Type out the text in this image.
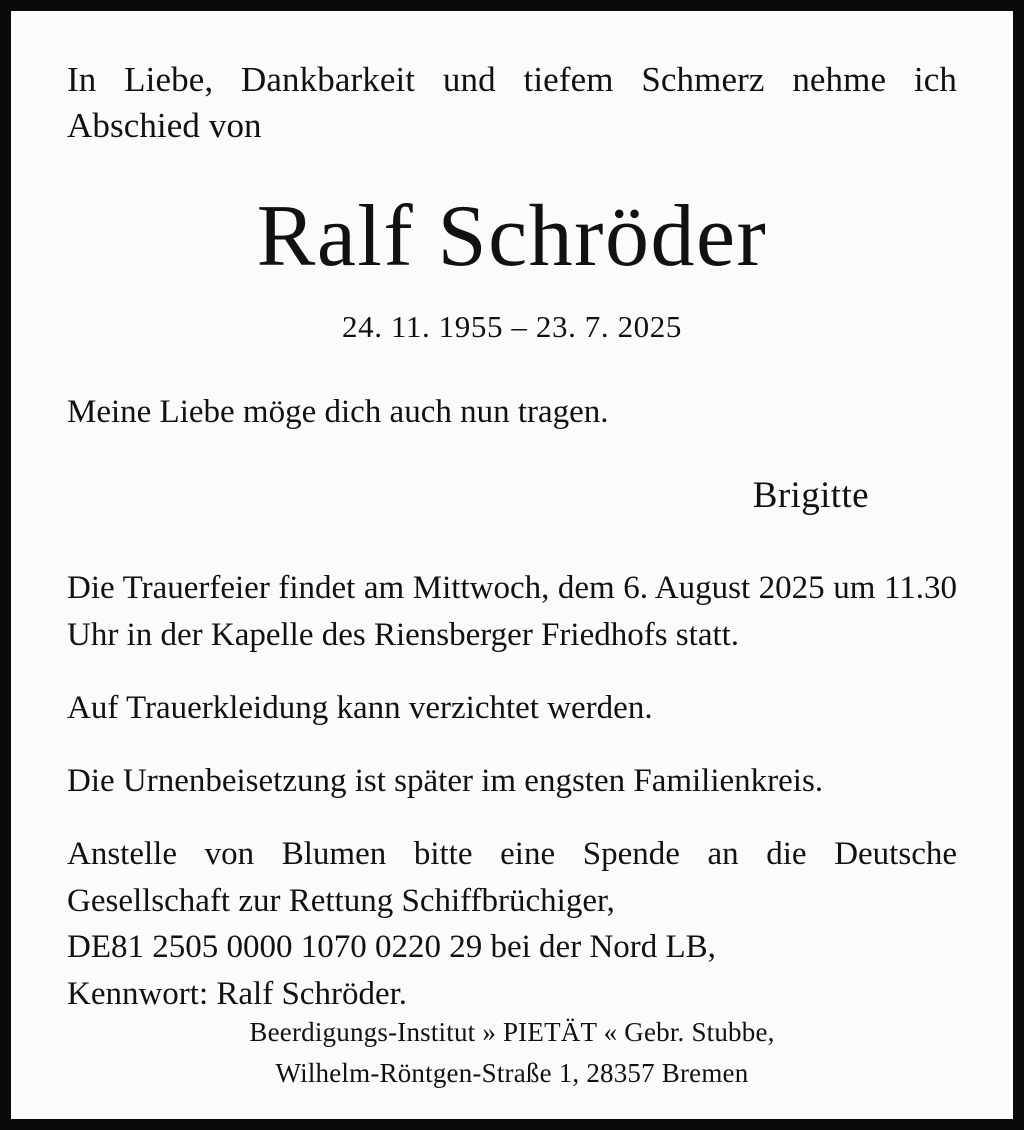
In Liebe, Dankbarkeit und tiefem Schmerz nehme ich Abschied von

Ralf Schröder

24. 11. 1955 – 23. 7. 2025

Meine Liebe möge dich auch nun tragen.

Brigitte

Die Trauerfeier findet am Mittwoch, dem 6. August 2025 um 11.30 Uhr in der Kapelle des Riensberger Friedhofs statt.

Auf Trauerkleidung kann verzichtet werden.

Die Urnenbeisetzung ist später im engsten Familienkreis.

Anstelle von Blumen bitte eine Spende an die Deutsche Gesellschaft zur Rettung Schiffbrüchiger,

DE81 2505 0000 1070 0220 29 bei der Nord LB,

Kennwort: Ralf Schröder.

Beerdigungs-Institut » PIETÄT « Gebr. Stubbe,
Wilhelm-Röntgen-Straße 1, 28357 Bremen
